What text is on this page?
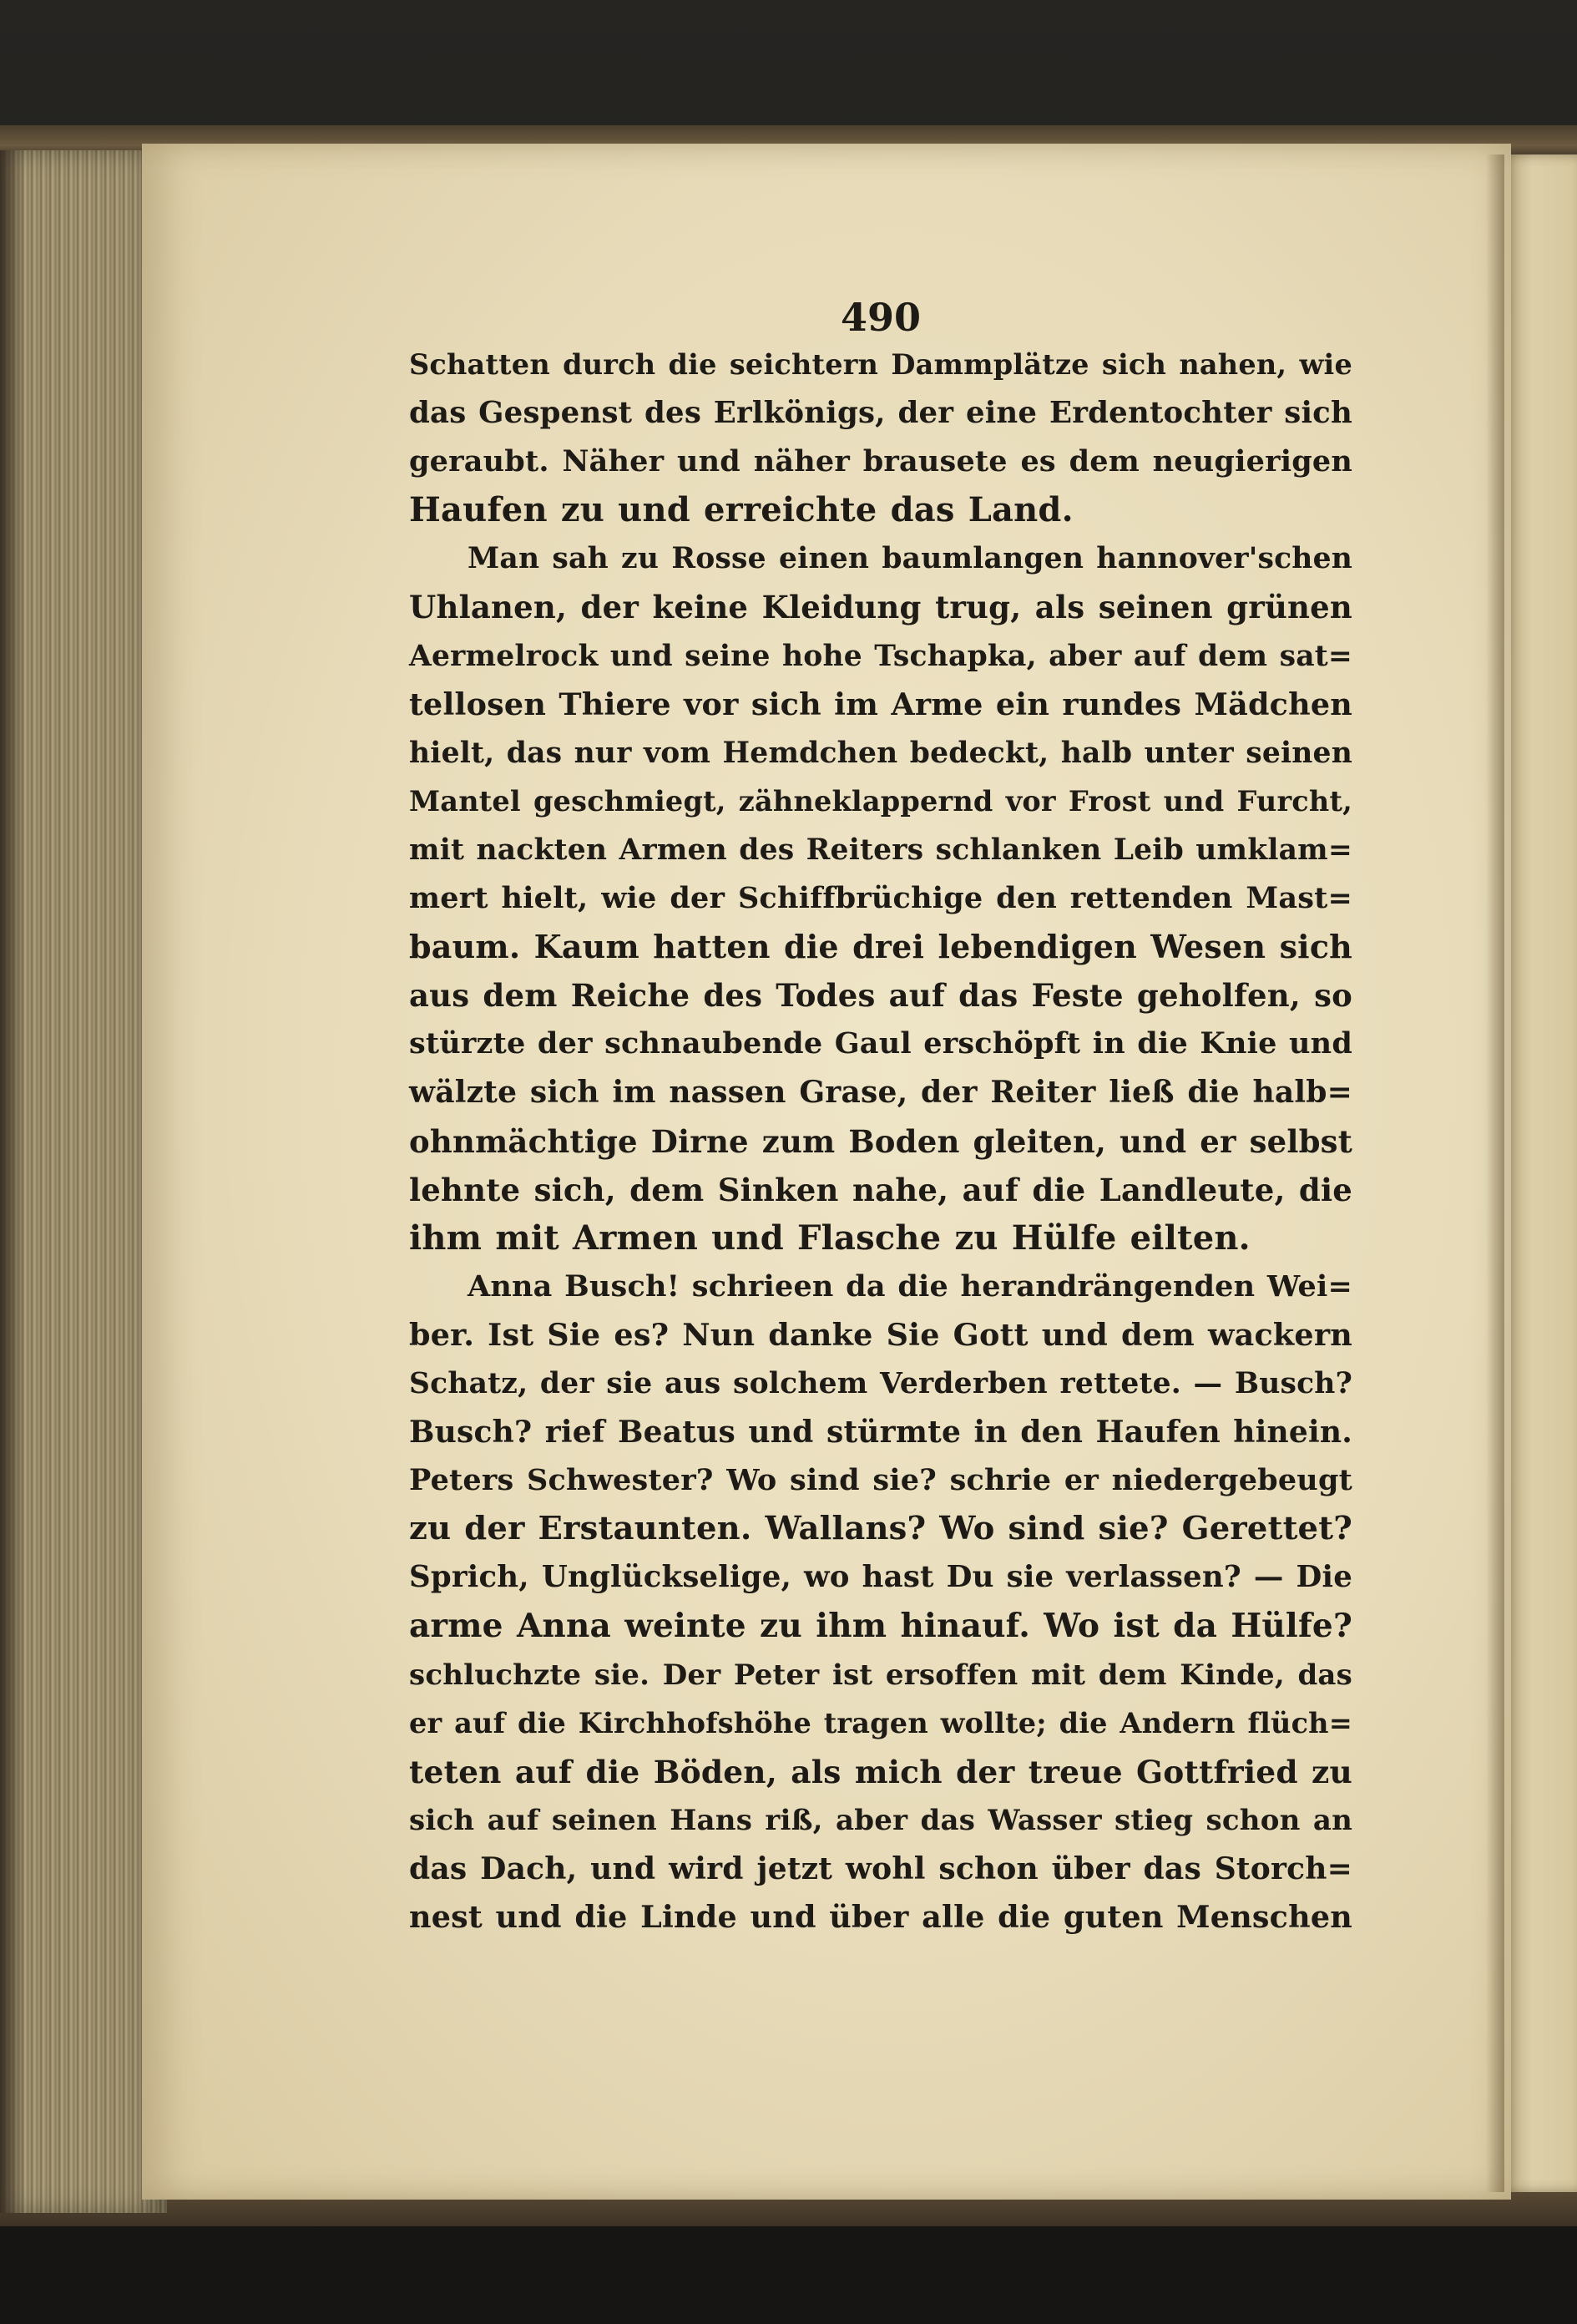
490
Schatten durch die seichtern Dammplätze sich nahen, wie
das Gespenst des Erlkönigs, der eine Erdentochter sich
geraubt. Näher und näher brausete es dem neugierigen
Haufen zu und erreichte das Land.
Man sah zu Rosse einen baumlangen hannover'schen
Uhlanen, der keine Kleidung trug, als seinen grünen
Aermelrock und seine hohe Tschapka, aber auf dem sat=
tellosen Thiere vor sich im Arme ein rundes Mädchen
hielt, das nur vom Hemdchen bedeckt, halb unter seinen
Mantel geschmiegt, zähneklappernd vor Frost und Furcht,
mit nackten Armen des Reiters schlanken Leib umklam=
mert hielt, wie der Schiffbrüchige den rettenden Mast=
baum. Kaum hatten die drei lebendigen Wesen sich
aus dem Reiche des Todes auf das Feste geholfen, so
stürzte der schnaubende Gaul erschöpft in die Knie und
wälzte sich im nassen Grase, der Reiter ließ die halb=
ohnmächtige Dirne zum Boden gleiten, und er selbst
lehnte sich, dem Sinken nahe, auf die Landleute, die
ihm mit Armen und Flasche zu Hülfe eilten.
Anna Busch! schrieen da die herandrängenden Wei=
ber. Ist Sie es? Nun danke Sie Gott und dem wackern
Schatz, der sie aus solchem Verderben rettete. — Busch?
Busch? rief Beatus und stürmte in den Haufen hinein.
Peters Schwester? Wo sind sie? schrie er niedergebeugt
zu der Erstaunten. Wallans? Wo sind sie? Gerettet?
Sprich, Unglückselige, wo hast Du sie verlassen? — Die
arme Anna weinte zu ihm hinauf. Wo ist da Hülfe?
schluchzte sie. Der Peter ist ersoffen mit dem Kinde, das
er auf die Kirchhofshöhe tragen wollte; die Andern flüch=
teten auf die Böden, als mich der treue Gottfried zu
sich auf seinen Hans riß, aber das Wasser stieg schon an
das Dach, und wird jetzt wohl schon über das Storch=
nest und die Linde und über alle die guten Menschen
